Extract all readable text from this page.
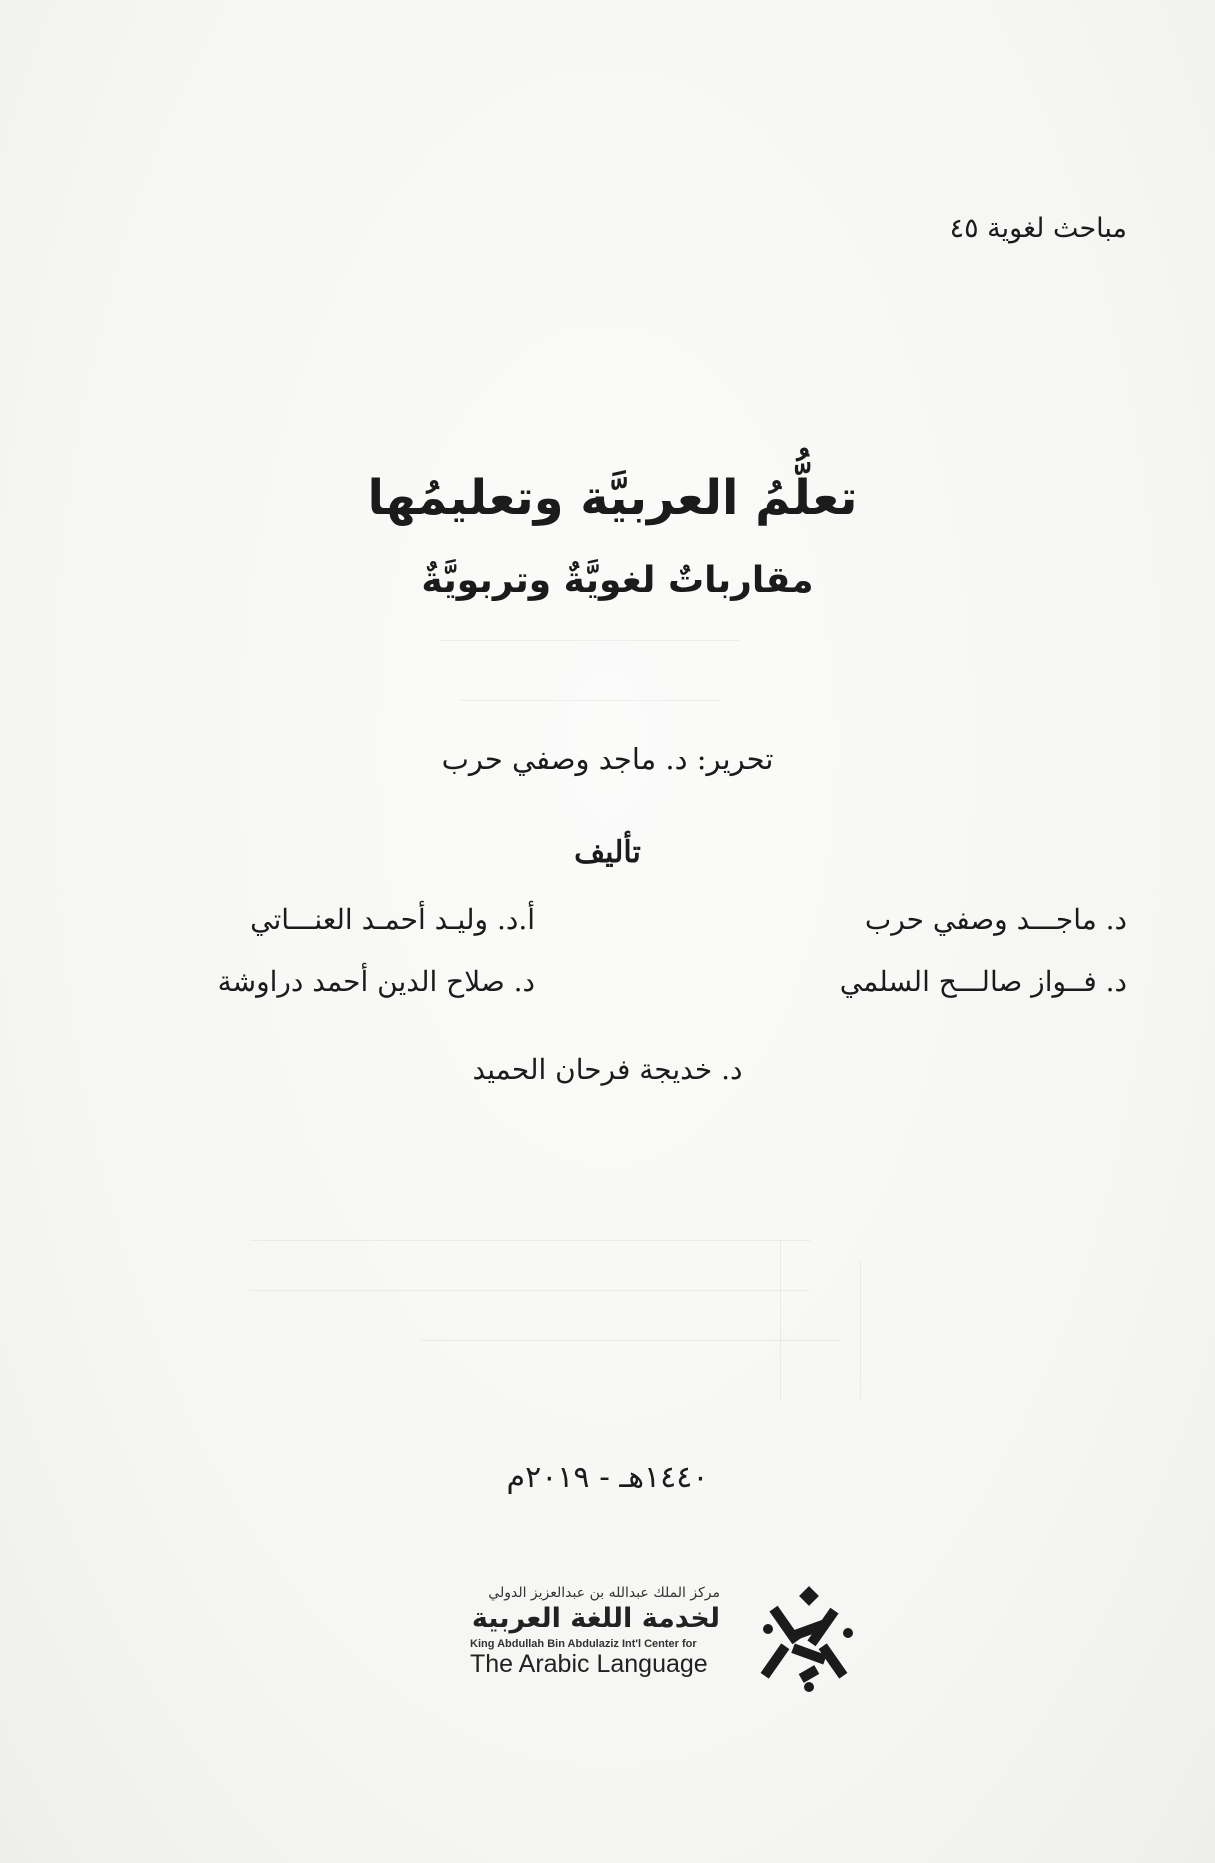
مباحث لغوية ٤٥
تعلُّمُ العربيَّة وتعليمُها
مقارباتٌ لغويَّةٌ وتربويَّةٌ
تحرير: د. ماجد وصفي حرب
تأليف
د. ماجـــد وصفي حرب
أ.د. وليـد أحمـد العنـــاتي
د. فــواز صالـــح السلمي
د. صلاح الدين أحمد دراوشة
د. خديجة فرحان الحميد
١٤٤٠هـ - ٢٠١٩م
مركز الملك عبدالله بن عبدالعزيز الدولي
لخدمة اللغة العربية
King Abdullah Bin Abdulaziz Int'l Center for
The Arabic Language
